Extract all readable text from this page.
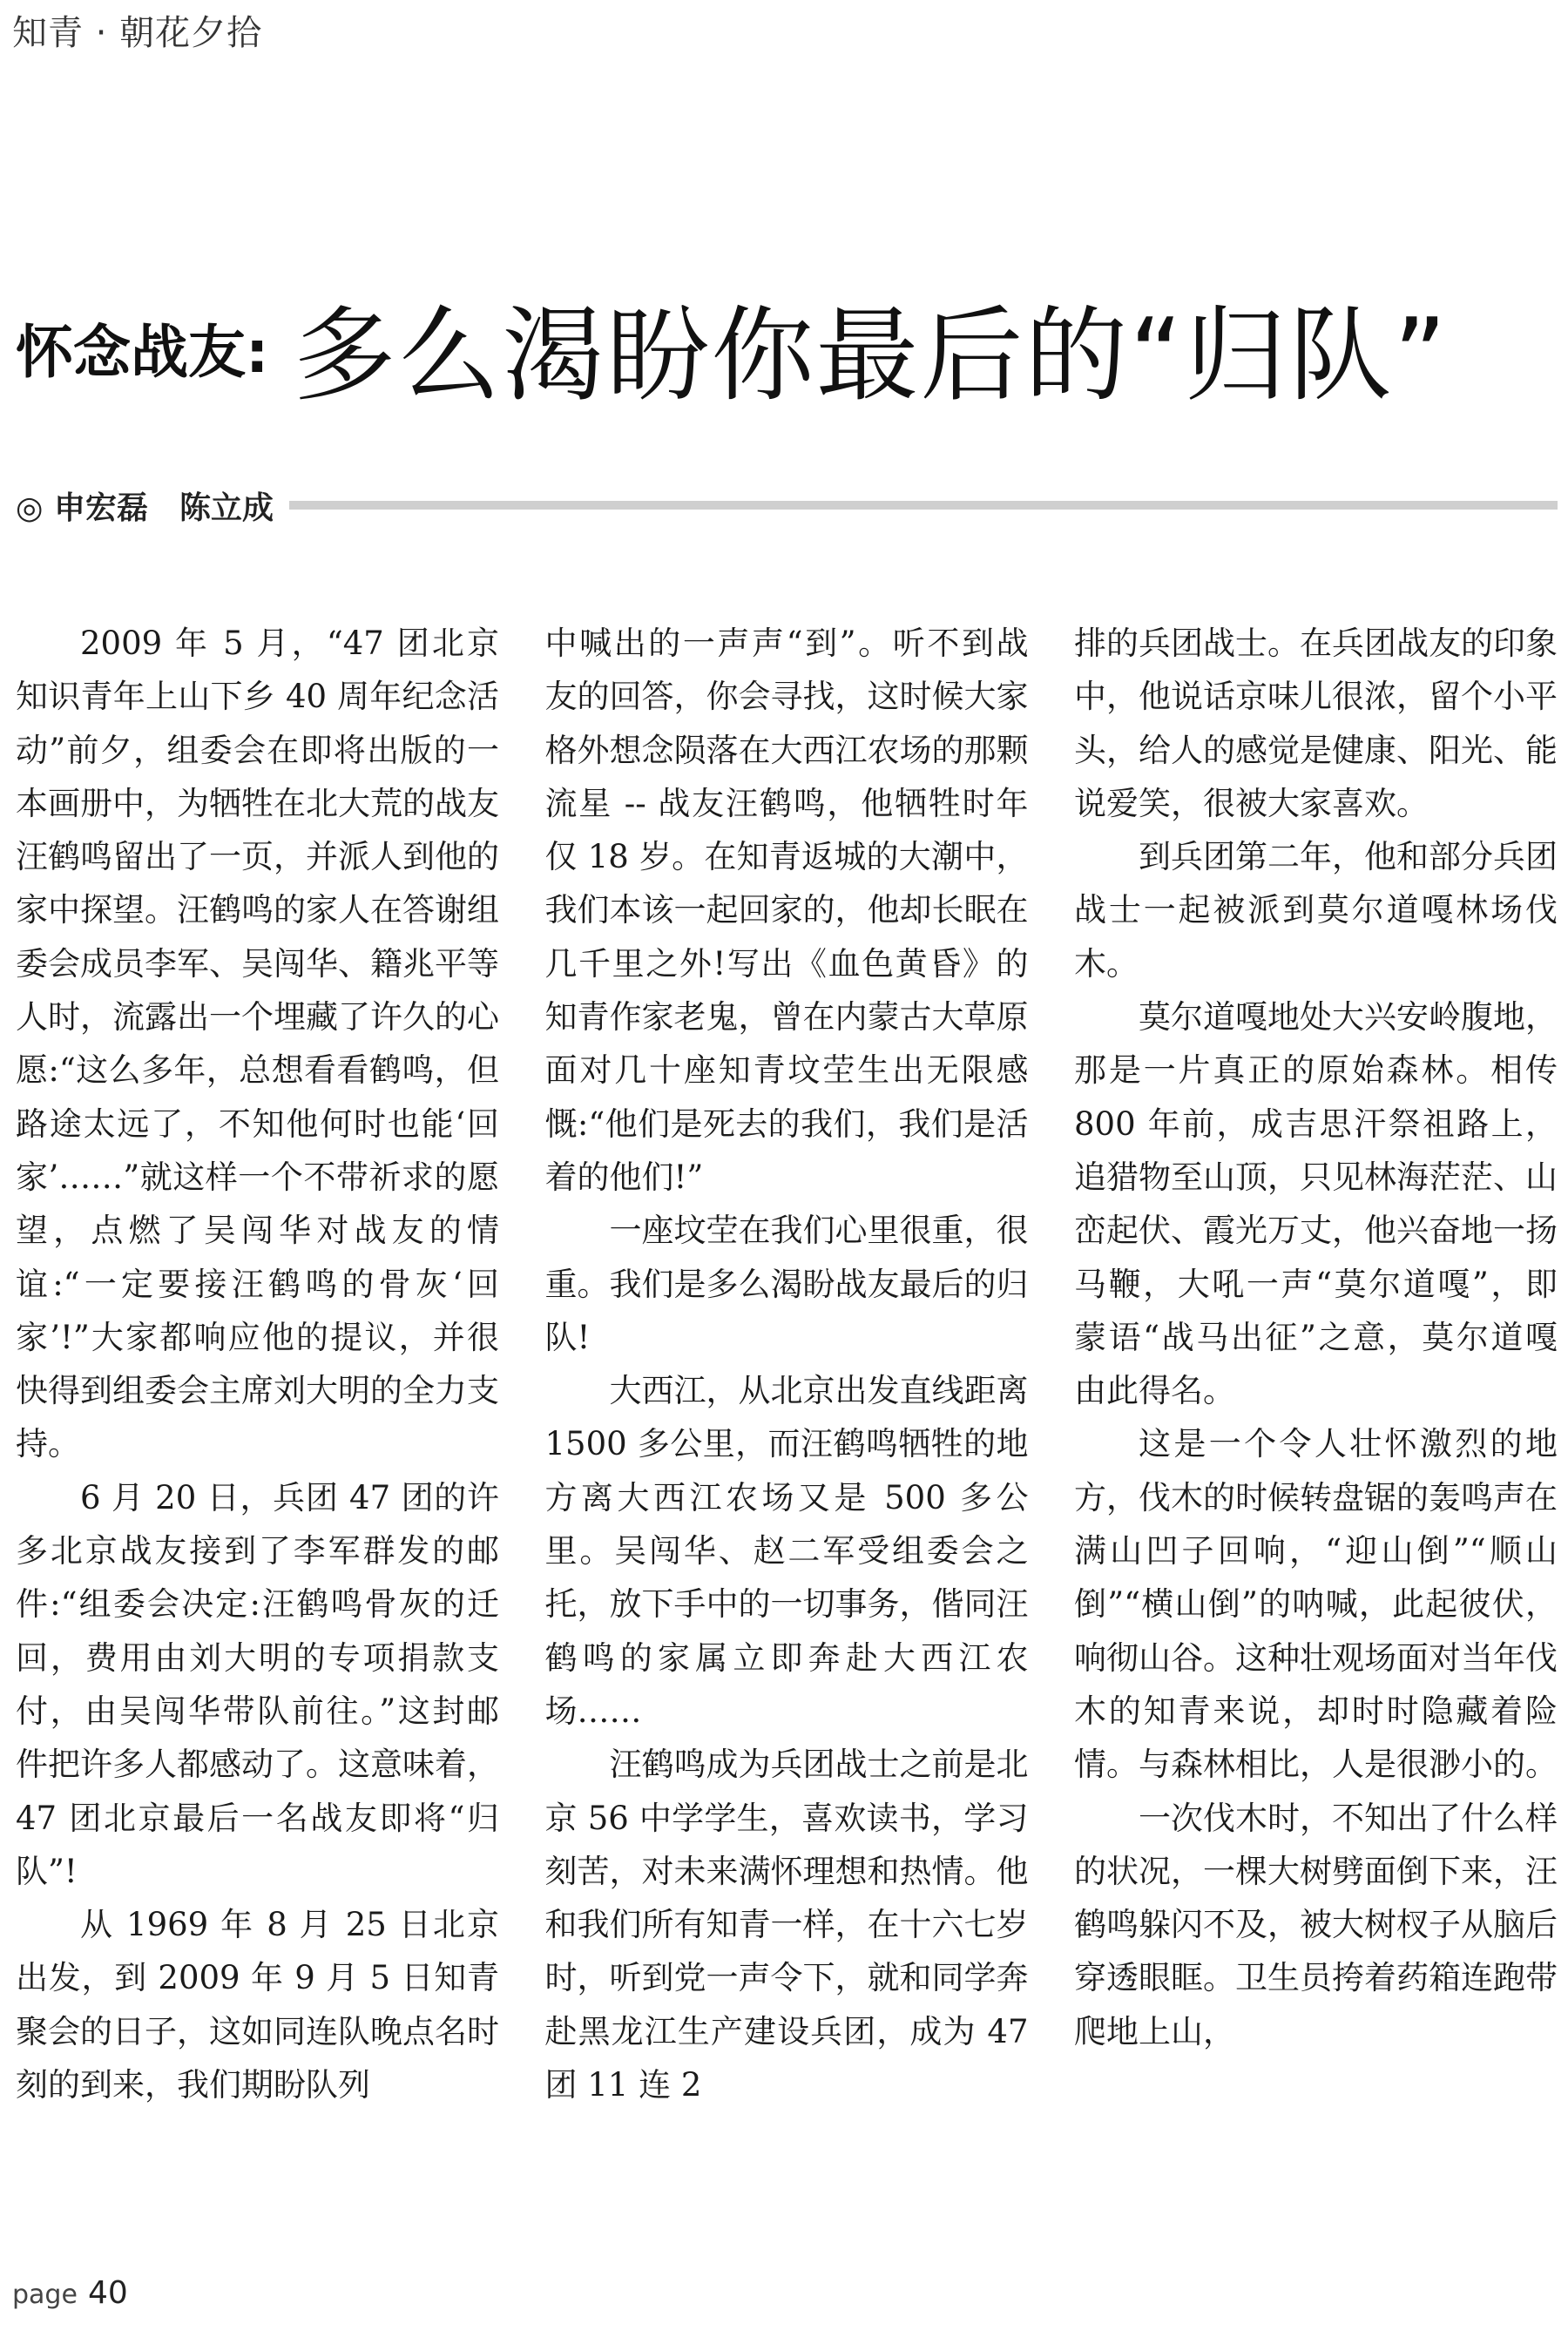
知青 · 朝花夕拾
怀念战友: 多么渴盼你最后的“归队”
◎ 申宏磊　陈立成

2009 年 5 月，“47 团北京知识青年上山下乡 40 周年纪念活动”前夕，组委会在即将出版的一本画册中，为牺牲在北大荒的战友汪鹤鸣留出了一页，并派人到他的家中探望。汪鹤鸣的家人在答谢组委会成员李军、吴闯华、籍兆平等人时，流露出一个埋藏了许久的心愿:“这么多年，总想看看鹤鸣，但路途太远了，不知他何时也能‘回家’……”就这样一个不带祈求的愿望，点燃了吴闯华对战友的情谊:“一定要接汪鹤鸣的骨灰‘回家’!”大家都响应他的提议，并很快得到组委会主席刘大明的全力支持。

6 月 20 日，兵团 47 团的许多北京战友接到了李军群发的邮件:“组委会决定:汪鹤鸣骨灰的迁回，费用由刘大明的专项捐款支付，由吴闯华带队前往。”这封邮件把许多人都感动了。这意味着，47 团北京最后一名战友即将“归队”!

从 1969 年 8 月 25 日北京出发，到 2009 年 9 月 5 日知青聚会的日子，这如同连队晚点名时刻的到来，我们期盼队列

中喊出的一声声“到”。听不到战友的回答，你会寻找，这时候大家格外想念陨落在大西江农场的那颗流星 -- 战友汪鹤鸣，他牺牲时年仅 18 岁。在知青返城的大潮中，我们本该一起回家的，他却长眠在几千里之外!写出《血色黄昏》的知青作家老鬼，曾在内蒙古大草原面对几十座知青坟茔生出无限感慨:“他们是死去的我们，我们是活着的他们!”

一座坟茔在我们心里很重，很重。我们是多么渴盼战友最后的归队!

大西江，从北京出发直线距离 1500 多公里，而汪鹤鸣牺牲的地方离大西江农场又是 500 多公里。吴闯华、赵二军受组委会之托，放下手中的一切事务，偕同汪鹤鸣的家属立即奔赴大西江农场……

汪鹤鸣成为兵团战士之前是北京 56 中学学生，喜欢读书，学习刻苦，对未来满怀理想和热情。他和我们所有知青一样，在十六七岁时，听到党一声令下，就和同学奔赴黑龙江生产建设兵团，成为 47 团 11 连 2

排的兵团战士。在兵团战友的印象中，他说话京味儿很浓，留个小平头，给人的感觉是健康、阳光、能说爱笑，很被大家喜欢。

到兵团第二年，他和部分兵团战士一起被派到莫尔道嘎林场伐木。

莫尔道嘎地处大兴安岭腹地，那是一片真正的原始森林。相传 800 年前，成吉思汗祭祖路上，追猎物至山顶，只见林海茫茫、山峦起伏、霞光万丈，他兴奋地一扬马鞭，大吼一声“莫尔道嘎”，即蒙语“战马出征”之意，莫尔道嘎由此得名。

这是一个令人壮怀激烈的地方，伐木的时候转盘锯的轰鸣声在满山凹子回响，“迎山倒”“顺山倒”“横山倒”的呐喊，此起彼伏，响彻山谷。这种壮观场面对当年伐木的知青来说，却时时隐藏着险情。与森林相比，人是很渺小的。

一次伐木时，不知出了什么样的状况，一棵大树劈面倒下来，汪鹤鸣躲闪不及，被大树杈子从脑后穿透眼眶。卫生员挎着药箱连跑带爬地上山，

page 40
